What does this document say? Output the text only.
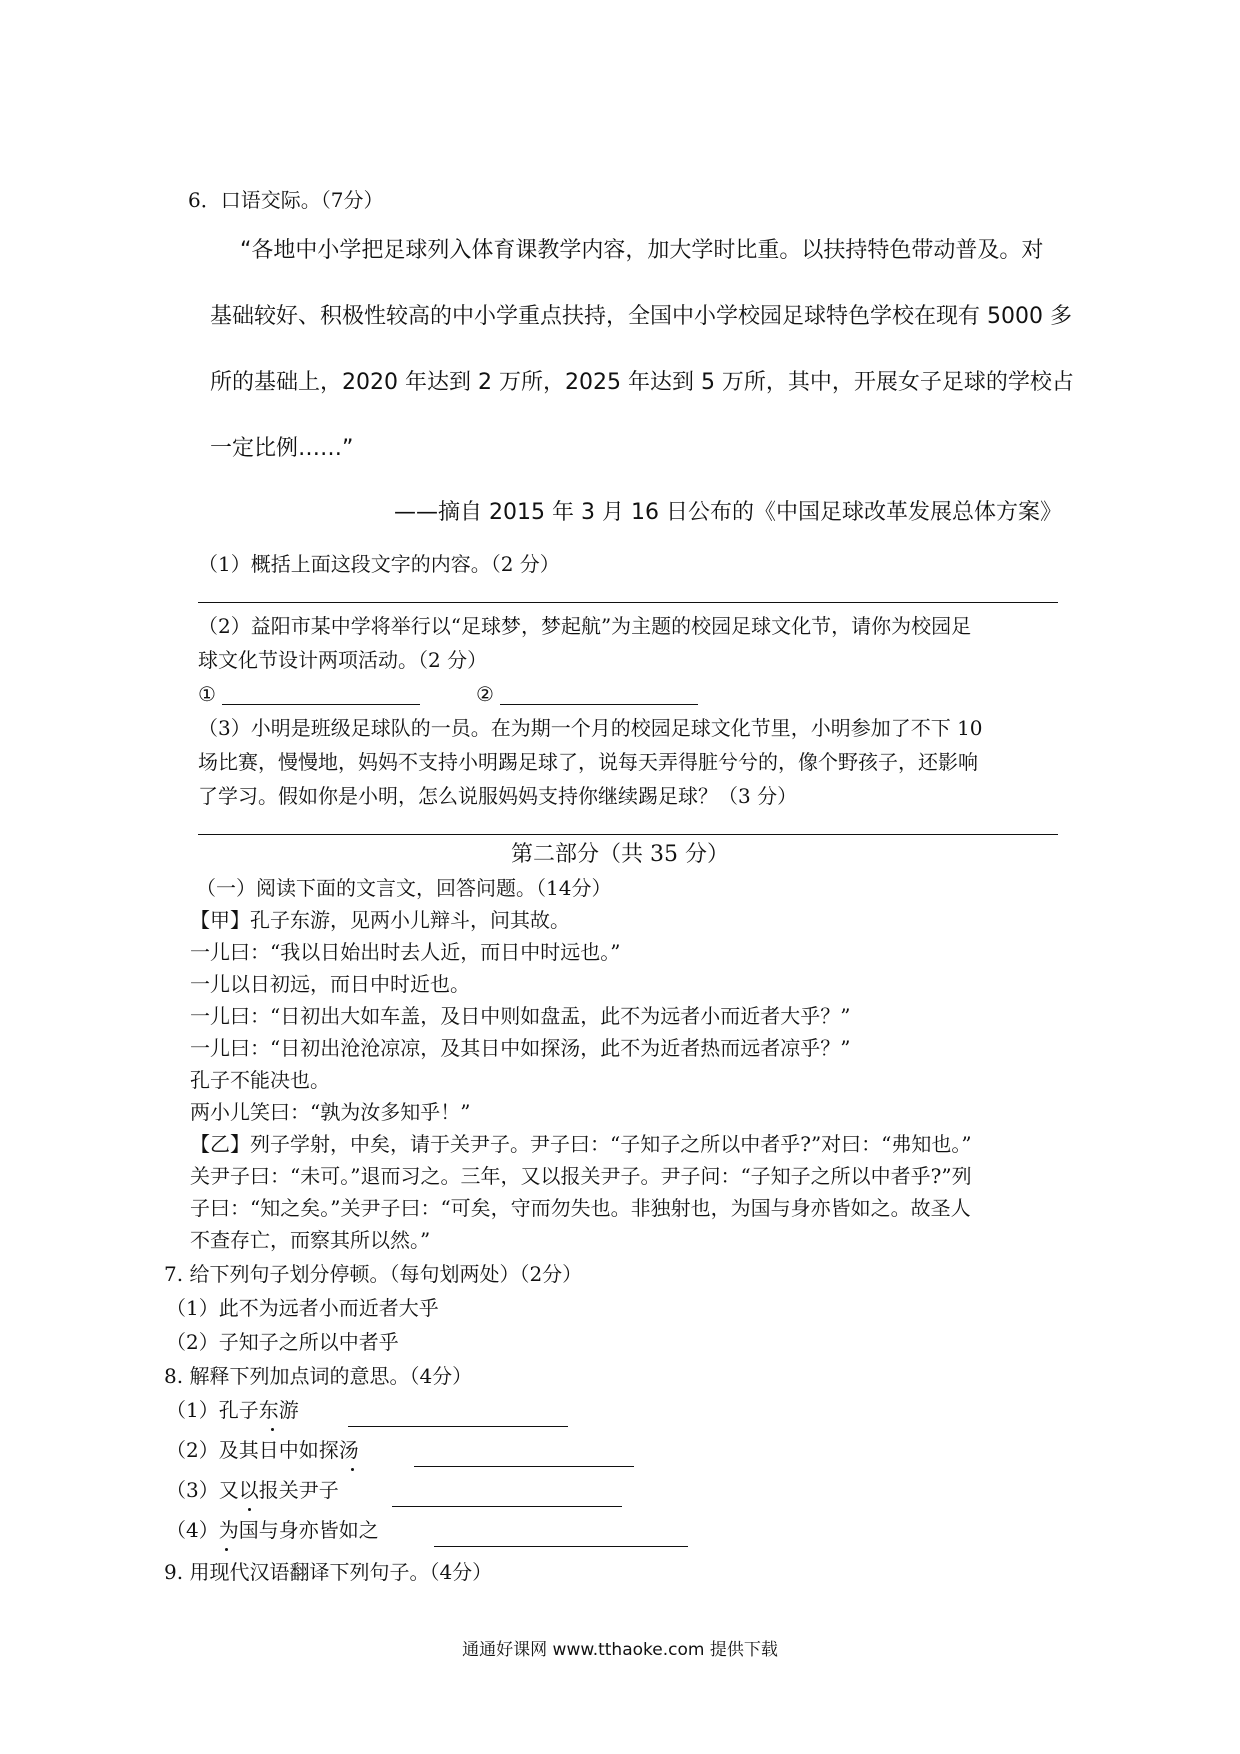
6．口语交际。（7分）
“各地中小学把足球列入体育课教学内容，加大学时比重。以扶持特色带动普及。对
基础较好、积极性较高的中小学重点扶持，全国中小学校园足球特色学校在现有 5000 多
所的基础上，2020 年达到 2 万所，2025 年达到 5 万所，其中，开展女子足球的学校占
一定比例……”
——摘自 2015 年 3 月 16 日公布的《中国足球改革发展总体方案》
（1）概括上面这段文字的内容。（2 分）
（2）益阳市某中学将举行以“足球梦，梦起航”为主题的校园足球文化节，请你为校园足
球文化节设计两项活动。（2 分）
①	②
（3）小明是班级足球队的一员。在为期一个月的校园足球文化节里，小明参加了不下 10
场比赛，慢慢地，妈妈不支持小明踢足球了，说每天弄得脏兮兮的，像个野孩子，还影响
了学习。假如你是小明，怎么说服妈妈支持你继续踢足球？（3 分）
第二部分（共 35 分）
（一）阅读下面的文言文，回答问题。（14分）
【甲】孔子东游，见两小儿辩斗，问其故。
一儿曰：“我以日始出时去人近，而日中时远也。”
一儿以日初远，而日中时近也。
一儿曰：“日初出大如车盖，及日中则如盘盂，此不为远者小而近者大乎？”
一儿曰：“日初出沧沧凉凉，及其日中如探汤，此不为近者热而远者凉乎？”
孔子不能决也。
两小儿笑曰：“孰为汝多知乎！”
【乙】列子学射，中矣，请于关尹子。尹子曰：“子知子之所以中者乎?”对曰：“弗知也。”
关尹子曰：“未可。”退而习之。三年，又以报关尹子。尹子问：“子知子之所以中者乎?”列
子曰：“知之矣。”关尹子曰：“可矣，守而勿失也。非独射也，为国与身亦皆如之。故圣人
不查存亡，而察其所以然。”
7. 给下列句子划分停顿。（每句划两处）（2分）
（1）此不为远者小而近者大乎
（2）子知子之所以中者乎
8. 解释下列加点词的意思。（4分）
（1）孔子东游
（2）及其日中如探汤
（3）又以报关尹子
（4）为国与身亦皆如之
9. 用现代汉语翻译下列句子。（4分）
通通好课网 www.tthaoke.com 提供下载
